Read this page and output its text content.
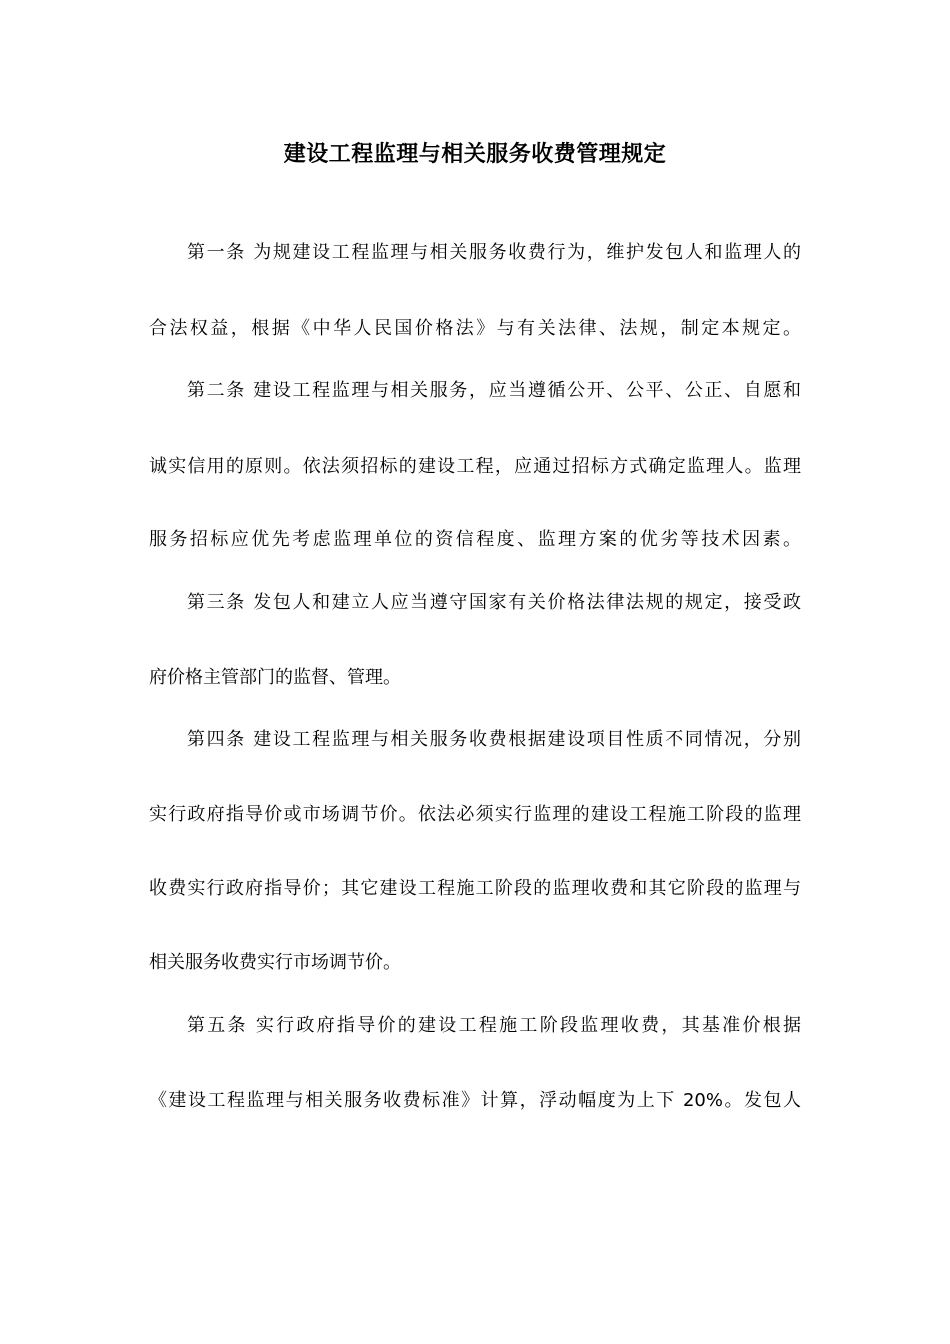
建设工程监理与相关服务收费管理规定
第一条 为规建设工程监理与相关服务收费行为，维护发包人和监理人的
合法权益，根据《中华人民国价格法》与有关法律、法规，制定本规定。
第二条 建设工程监理与相关服务，应当遵循公开、公平、公正、自愿和
诚实信用的原则。依法须招标的建设工程，应通过招标方式确定监理人。监理
服务招标应优先考虑监理单位的资信程度、监理方案的优劣等技术因素。
第三条 发包人和建立人应当遵守国家有关价格法律法规的规定，接受政
府价格主管部门的监督、管理。
第四条 建设工程监理与相关服务收费根据建设项目性质不同情况，分别
实行政府指导价或市场调节价。依法必须实行监理的建设工程施工阶段的监理
收费实行政府指导价；其它建设工程施工阶段的监理收费和其它阶段的监理与
相关服务收费实行市场调节价。
第五条 实行政府指导价的建设工程施工阶段监理收费，其基准价根据
《建设工程监理与相关服务收费标准》计算，浮动幅度为上下 20%。发包人
